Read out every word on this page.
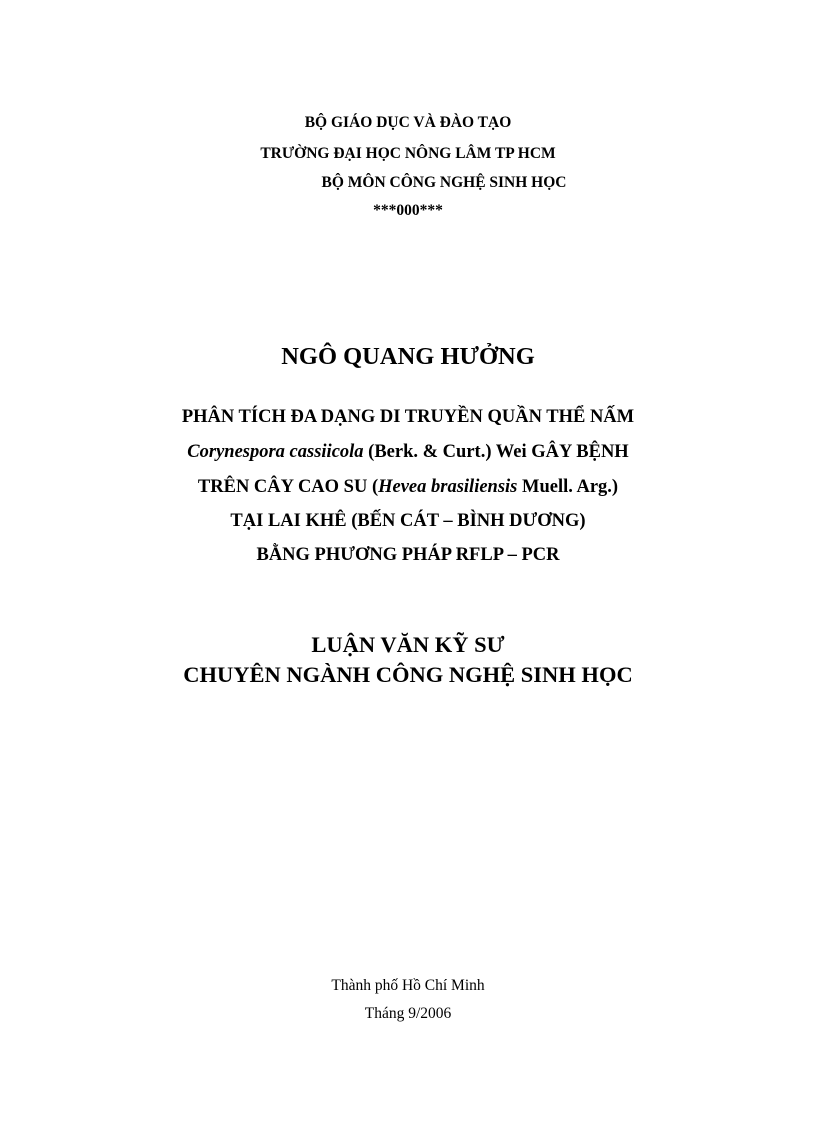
BỘ GIÁO DỤC VÀ ĐÀO TẠO
TRƯỜNG ĐẠI HỌC NÔNG LÂM TP HCM
BỘ MÔN CÔNG NGHỆ SINH HỌC
***000***
NGÔ QUANG HƯỞNG
PHÂN TÍCH ĐA DẠNG DI TRUYỀN QUẦN THỂ NẤM
Corynespora cassiicola (Berk. & Curt.) Wei GÂY BỆNH
TRÊN CÂY CAO SU (Hevea brasiliensis Muell. Arg.)
TẠI LAI KHÊ (BẾN CÁT – BÌNH DƯƠNG)
BẰNG PHƯƠNG PHÁP RFLP – PCR
LUẬN VĂN KỸ SƯ
CHUYÊN NGÀNH CÔNG NGHỆ SINH HỌC
Thành phố Hồ Chí Minh
Tháng 9/2006
